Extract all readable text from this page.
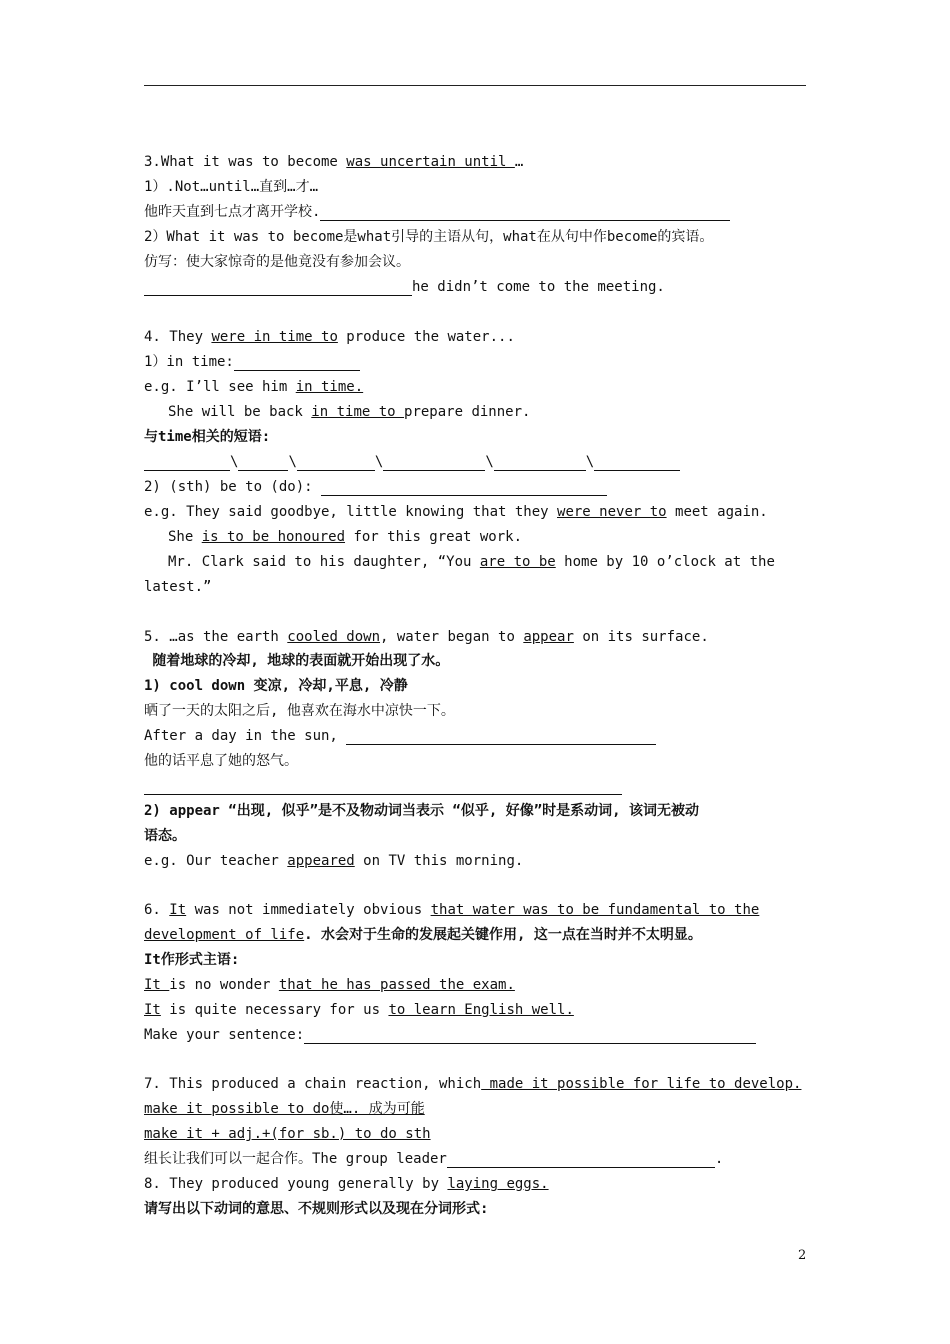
3.What it was to become was uncertain until …
1）.Not…until…直到…才…
他昨天直到七点才离开学校.
2）What it was to become是what引导的主语从句，what在从句中作become的宾语。
仿写：使大家惊奇的是他竟没有参加会议。
he didn’t come to the meeting.
4. They were in time to produce the water...
1）in time:
e.g. I’ll see him in time.
She will be back in time to prepare dinner.
与time相关的短语:
\	\	\	\	\
2) (sth) be to (do):
e.g. They said goodbye, little knowing that they were never to meet again.
She is to be honoured for this great work.
Mr. Clark said to his daughter, “You are to be home by 10 o’clock at the
latest.”
5. …as the earth cooled down, water began to appear on its surface.
随着地球的冷却, 地球的表面就开始出现了水。
1) cool down 变凉, 冷却,平息, 冷静
晒了一天的太阳之后, 他喜欢在海水中凉快一下。
After a day in the sun,
他的话平息了她的怒气。
2) appear “出现, 似乎”是不及物动词当表示 “似乎, 好像”时是系动词, 该词无被动
语态。
e.g. Our teacher appeared on TV this morning.
6. It was not immediately obvious that water was to be fundamental to the
development of life. 水会对于生命的发展起关键作用, 这一点在当时并不太明显。
It作形式主语:
It is no wonder that he has passed the exam.
It is quite necessary for us to learn English well.
Make your sentence:
7. This produced a chain reaction, which made it possible for life to develop.
make it possible to do使…. 成为可能
make it + adj.+(for sb.) to do sth
组长让我们可以一起合作。The group leader	.
8. They produced young generally by laying eggs.
请写出以下动词的意思、不规则形式以及现在分词形式:
2
